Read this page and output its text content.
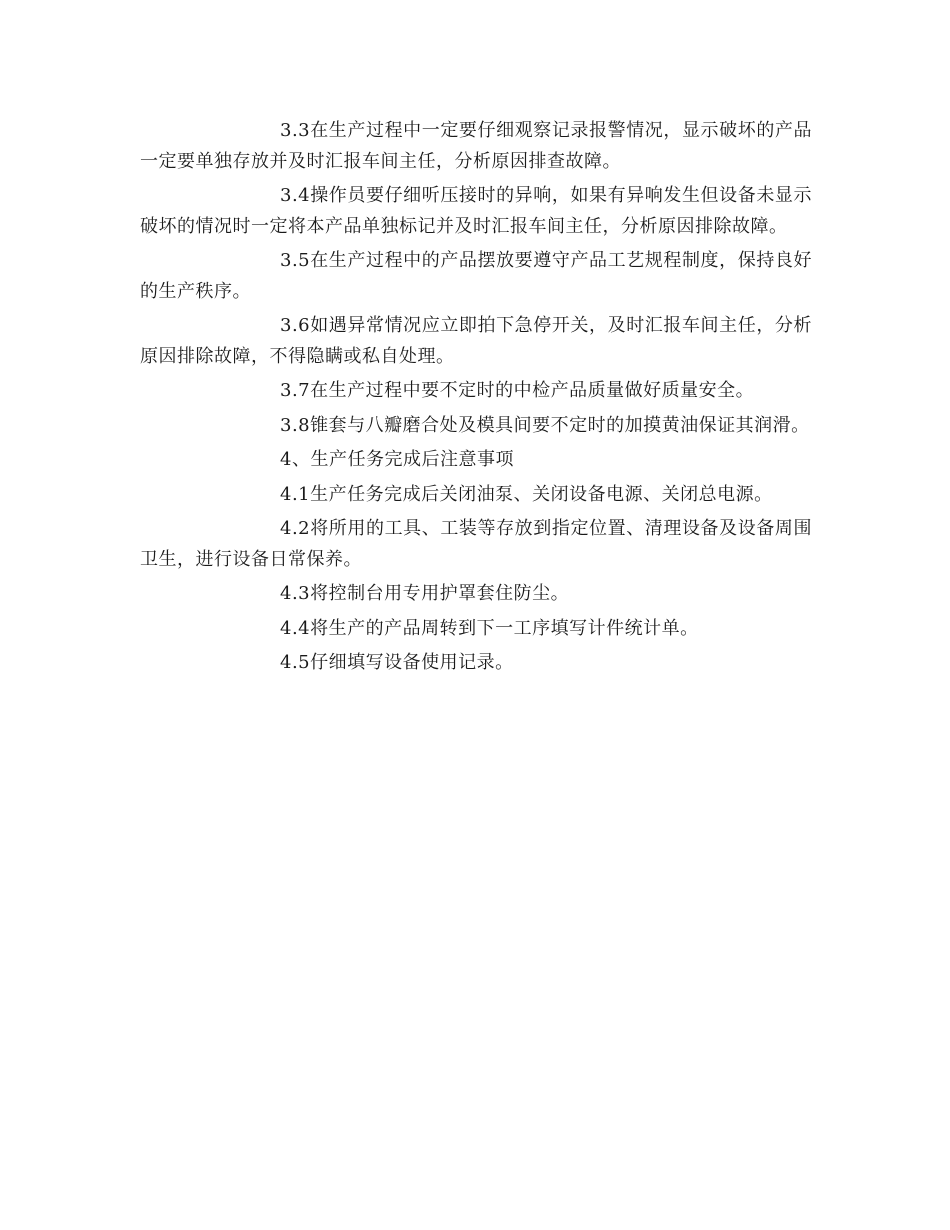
3.3在生产过程中一定要仔细观察记录报警情况，显示破坏的产品一定要单独存放并及时汇报车间主任，分析原因排查故障。

3.4操作员要仔细听压接时的异响，如果有异响发生但设备未显示破坏的情况时一定将本产品单独标记并及时汇报车间主任，分析原因排除故障。

3.5在生产过程中的产品摆放要遵守产品工艺规程制度，保持良好的生产秩序。

3.6如遇异常情况应立即拍下急停开关，及时汇报车间主任，分析原因排除故障，不得隐瞒或私自处理。

3.7在生产过程中要不定时的中检产品质量做好质量安全。

3.8锥套与八瓣磨合处及模具间要不定时的加摸黄油保证其润滑。

4、生产任务完成后注意事项

4.1生产任务完成后关闭油泵、关闭设备电源、关闭总电源。

4.2将所用的工具、工装等存放到指定位置、清理设备及设备周围卫生，进行设备日常保养。

4.3将控制台用专用护罩套住防尘。

4.4将生产的产品周转到下一工序填写计件统计单。

4.5仔细填写设备使用记录。
